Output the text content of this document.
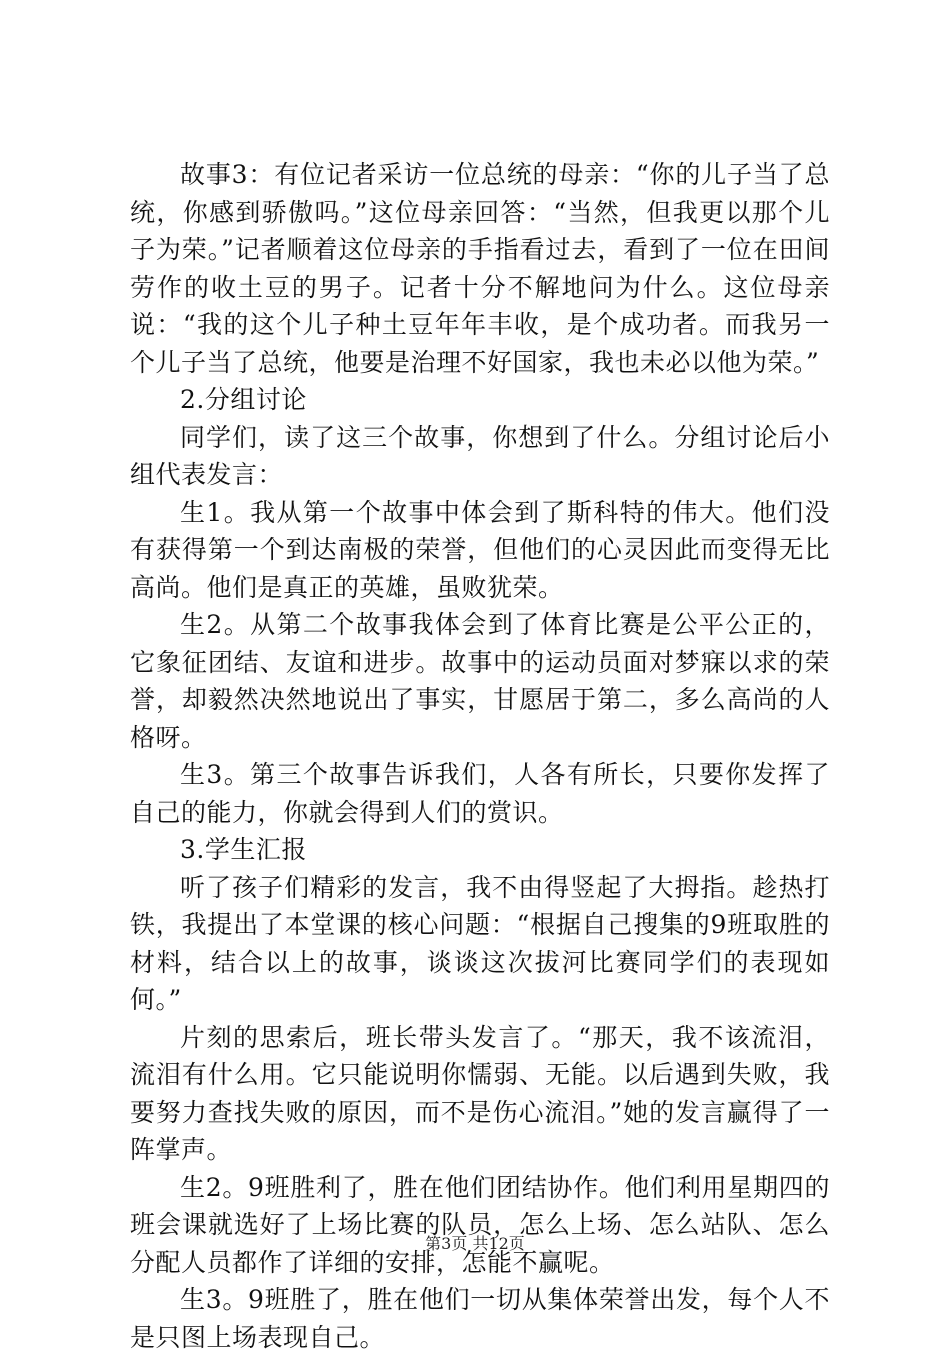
故事3：有位记者采访一位总统的母亲：“你的儿子当了总统，你感到骄傲吗。”这位母亲回答：“当然，但我更以那个儿子为荣。”记者顺着这位母亲的手指看过去，看到了一位在田间劳作的收土豆的男子。记者十分不解地问为什么。这位母亲说：“我的这个儿子种土豆年年丰收，是个成功者。而我另一个儿子当了总统，他要是治理不好国家，我也未必以他为荣。”

2.分组讨论

同学们，读了这三个故事，你想到了什么。分组讨论后小组代表发言：

生1。我从第一个故事中体会到了斯科特的伟大。他们没有获得第一个到达南极的荣誉，但他们的心灵因此而变得无比高尚。他们是真正的英雄，虽败犹荣。

生2。从第二个故事我体会到了体育比赛是公平公正的，它象征团结、友谊和进步。故事中的运动员面对梦寐以求的荣誉，却毅然决然地说出了事实，甘愿居于第二，多么高尚的人格呀。

生3。第三个故事告诉我们，人各有所长，只要你发挥了自己的能力，你就会得到人们的赏识。

3.学生汇报

听了孩子们精彩的发言，我不由得竖起了大拇指。趁热打铁，我提出了本堂课的核心问题：“根据自己搜集的9班取胜的材料，结合以上的故事，谈谈这次拔河比赛同学们的表现如何。”

片刻的思索后，班长带头发言了。“那天，我不该流泪，流泪有什么用。它只能说明你懦弱、无能。以后遇到失败，我要努力查找失败的原因，而不是伤心流泪。”她的发言赢得了一阵掌声。

生2。9班胜利了，胜在他们团结协作。他们利用星期四的班会课就选好了上场比赛的队员，怎么上场、怎么站队、怎么分配人员都作了详细的安排，怎能不赢呢。

生3。9班胜了，胜在他们一切从集体荣誉出发，每个人不是只图上场表现自己。

第3页 共12页
